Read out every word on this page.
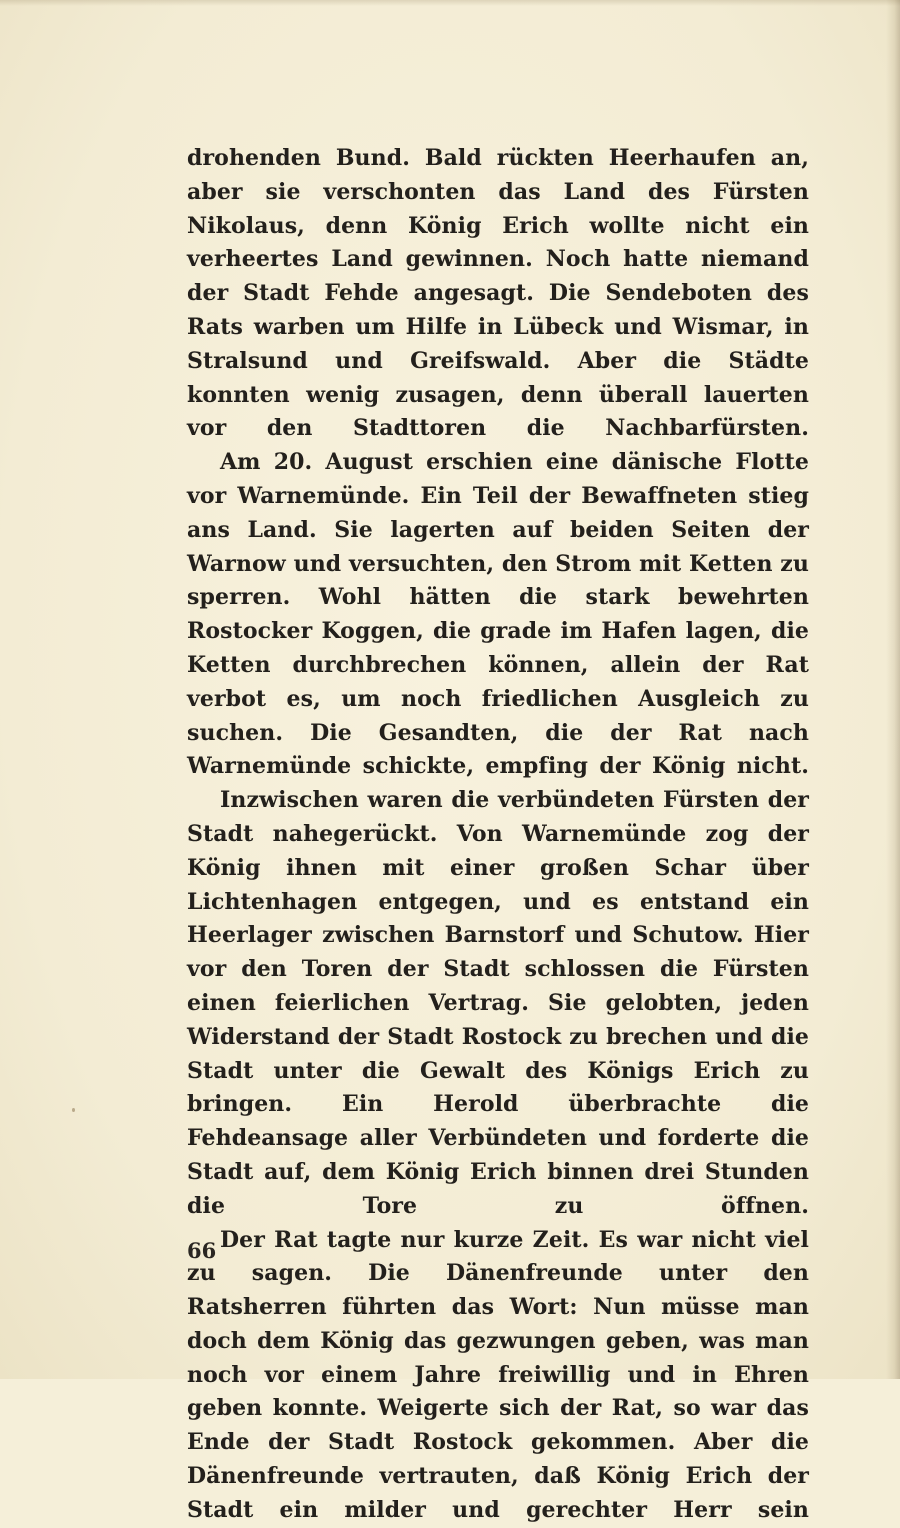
drohenden Bund. Bald rückten Heerhaufen an, aber sie verschonten das Land des Fürsten Nikolaus, denn König Erich wollte nicht ein verheertes Land gewinnen. Noch hatte niemand der Stadt Fehde angesagt. Die Sendeboten des Rats warben um Hilfe in Lübeck und Wismar, in Stralsund und Greifswald. Aber die Städte konnten wenig zusagen, denn überall lauerten vor den Stadttoren die Nachbarfürsten.

Am 20. August erschien eine dänische Flotte vor Warnemünde. Ein Teil der Bewaffneten stieg ans Land. Sie lagerten auf beiden Seiten der Warnow und versuchten, den Strom mit Ketten zu sperren. Wohl hätten die stark bewehrten Rostocker Koggen, die grade im Hafen lagen, die Ketten durchbrechen können, allein der Rat verbot es, um noch friedlichen Ausgleich zu suchen. Die Gesandten, die der Rat nach Warnemünde schickte, empfing der König nicht.

Inzwischen waren die verbündeten Fürsten der Stadt nahegerückt. Von Warnemünde zog der König ihnen mit einer großen Schar über Lichtenhagen entgegen, und es entstand ein Heerlager zwischen Barnstorf und Schutow. Hier vor den Toren der Stadt schlossen die Fürsten einen feierlichen Vertrag. Sie gelobten, jeden Widerstand der Stadt Rostock zu brechen und die Stadt unter die Gewalt des Königs Erich zu bringen. Ein Herold überbrachte die Fehdeansage aller Verbündeten und forderte die Stadt auf, dem König Erich binnen drei Stunden die Tore zu öffnen.

Der Rat tagte nur kurze Zeit. Es war nicht viel zu sagen. Die Dänenfreunde unter den Ratsherren führten das Wort: Nun müsse man doch dem König das gezwungen geben, was man noch vor einem Jahre freiwillig und in Ehren geben konnte. Weigerte sich der Rat, so war das Ende der Stadt Rostock gekommen. Aber die Dänenfreunde vertrauten, daß König Erich der Stadt ein milder und gerechter Herr sein

66
